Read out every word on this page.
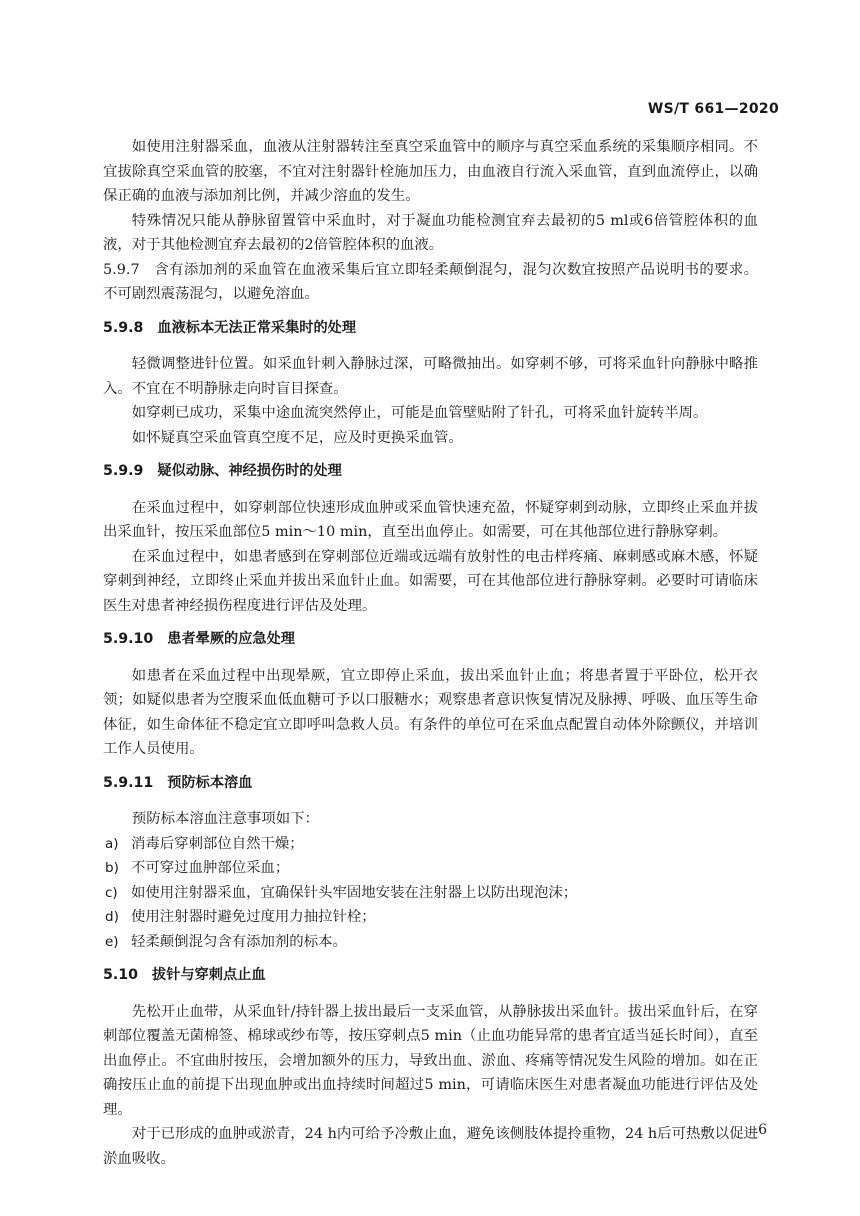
WS/T 661—2020

如使用注射器采血，血液从注射器转注至真空采血管中的顺序与真空采血系统的采集顺序相同。不宜拔除真空采血管的胶塞，不宜对注射器针栓施加压力，由血液自行流入采血管，直到血流停止，以确保正确的血液与添加剂比例，并减少溶血的发生。

特殊情况只能从静脉留置管中采血时，对于凝血功能检测宜弃去最初的5 ml或6倍管腔体积的血液，对于其他检测宜弃去最初的2倍管腔体积的血液。

5.9.7 含有添加剂的采血管在血液采集后宜立即轻柔颠倒混匀，混匀次数宜按照产品说明书的要求。不可剧烈震荡混匀，以避免溶血。

5.9.8 血液标本无法正常采集时的处理

轻微调整进针位置。如采血针刺入静脉过深，可略微抽出。如穿刺不够，可将采血针向静脉中略推入。不宜在不明静脉走向时盲目探查。

如穿刺已成功，采集中途血流突然停止，可能是血管壁贴附了针孔，可将采血针旋转半周。

如怀疑真空采血管真空度不足，应及时更换采血管。

5.9.9 疑似动脉、神经损伤时的处理

在采血过程中，如穿刺部位快速形成血肿或采血管快速充盈，怀疑穿刺到动脉，立即终止采血并拔出采血针，按压采血部位5 min～10 min，直至出血停止。如需要，可在其他部位进行静脉穿刺。

在采血过程中，如患者感到在穿刺部位近端或远端有放射性的电击样疼痛、麻刺感或麻木感，怀疑穿刺到神经，立即终止采血并拔出采血针止血。如需要，可在其他部位进行静脉穿刺。必要时可请临床医生对患者神经损伤程度进行评估及处理。

5.9.10 患者晕厥的应急处理

如患者在采血过程中出现晕厥，宜立即停止采血，拔出采血针止血；将患者置于平卧位，松开衣领；如疑似患者为空腹采血低血糖可予以口服糖水；观察患者意识恢复情况及脉搏、呼吸、血压等生命体征，如生命体征不稳定宜立即呼叫急救人员。有条件的单位可在采血点配置自动体外除颤仪，并培训工作人员使用。

5.9.11 预防标本溶血

预防标本溶血注意事项如下：

a) 消毒后穿刺部位自然干燥；
b) 不可穿过血肿部位采血；
c) 如使用注射器采血，宜确保针头牢固地安装在注射器上以防出现泡沫；
d) 使用注射器时避免过度用力抽拉针栓；
e) 轻柔颠倒混匀含有添加剂的标本。
5.10 拔针与穿刺点止血

先松开止血带，从采血针/持针器上拔出最后一支采血管，从静脉拔出采血针。拔出采血针后，在穿刺部位覆盖无菌棉签、棉球或纱布等，按压穿刺点5 min（止血功能异常的患者宜适当延长时间），直至出血停止。不宜曲肘按压，会增加额外的压力，导致出血、淤血、疼痛等情况发生风险的增加。如在正确按压止血的前提下出现血肿或出血持续时间超过5 min，可请临床医生对患者凝血功能进行评估及处理。

对于已形成的血肿或淤青，24 h内可给予冷敷止血，避免该侧肢体提拎重物，24 h后可热敷以促进淤血吸收。

6
